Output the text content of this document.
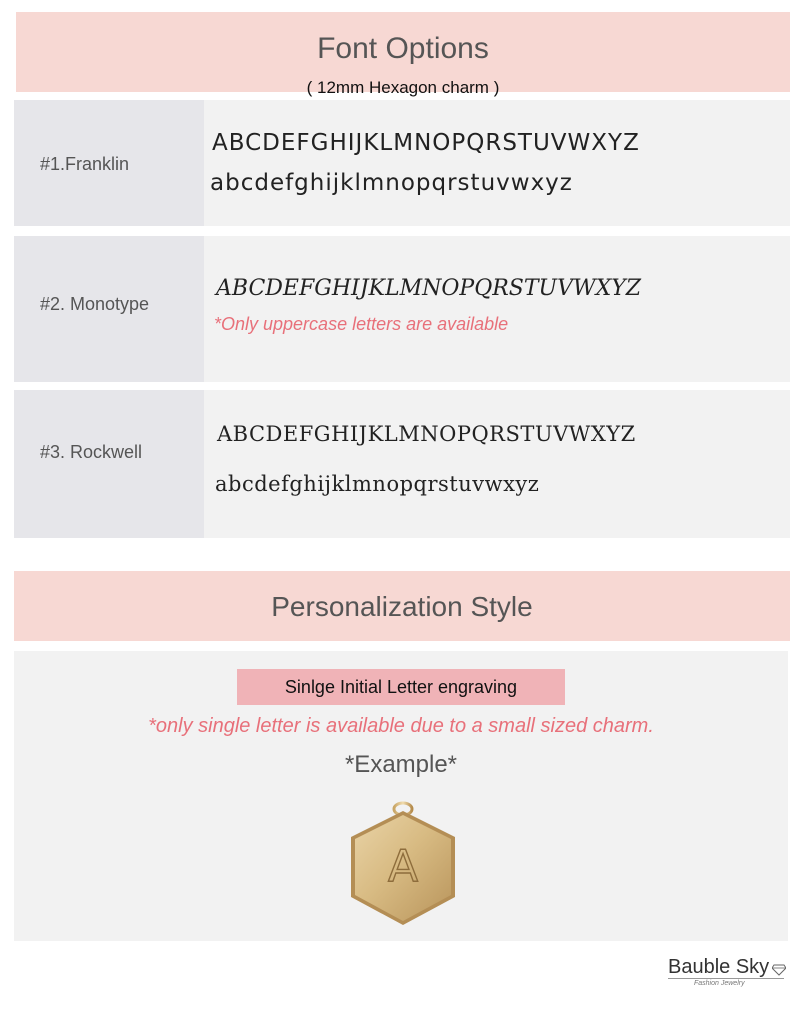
Font Options
( 12mm Hexagon charm )
#1.Franklin
ABCDEFGHIJKLMNOPQRSTUVWXYZ
abcdefghijklmnopqrstuvwxyz
#2. Monotype
ABCDEFGHIJKLMNOPQRSTUVWXYZ
*Only uppercase letters are available
#3. Rockwell
ABCDEFGHIJKLMNOPQRSTUVWXYZ
abcdefghijklmnopqrstuvwxyz
Personalization Style
Sinlge Initial Letter engraving
*only single letter is available due to a small sized charm.
*Example*
A
Bauble Sky
Fashion Jewelry
